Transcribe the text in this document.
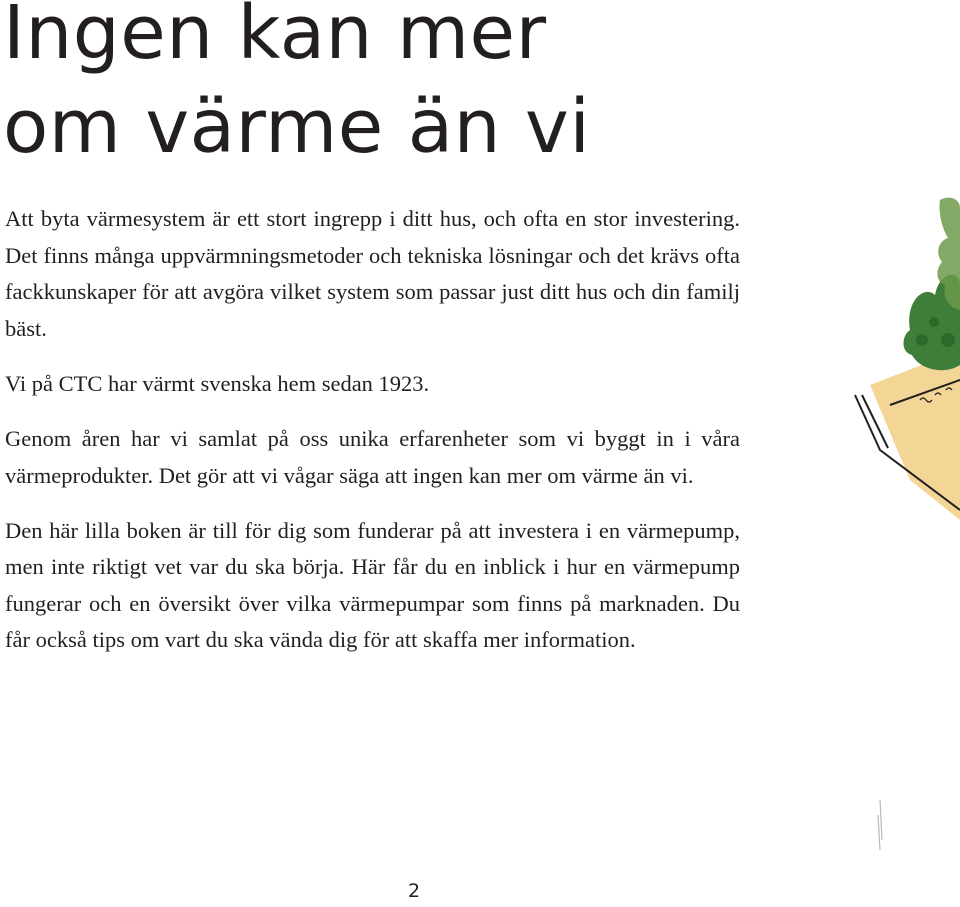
Ingen kan mer
om värme än vi

Att byta värmesystem är ett stort ingrepp i ditt hus, och ofta en stor investering. Det finns många uppvärmningsmetoder och tekniska lösningar och det krävs ofta fackkunskaper för att avgöra vilket system som passar just ditt hus och din familj bäst.

Vi på CTC har värmt svenska hem sedan 1923.

Genom åren har vi samlat på oss unika erfarenheter som vi byggt in i våra värmeprodukter. Det gör att vi vågar säga att ingen kan mer om värme än vi.

Den här lilla boken är till för dig som funderar på att investera i en värmepump, men inte riktigt vet var du ska börja. Här får du en inblick i hur en värmepump fungerar och en översikt över vilka värmepumpar som finns på marknaden. Du får också tips om vart du ska vända dig för att skaffa mer information.

2
